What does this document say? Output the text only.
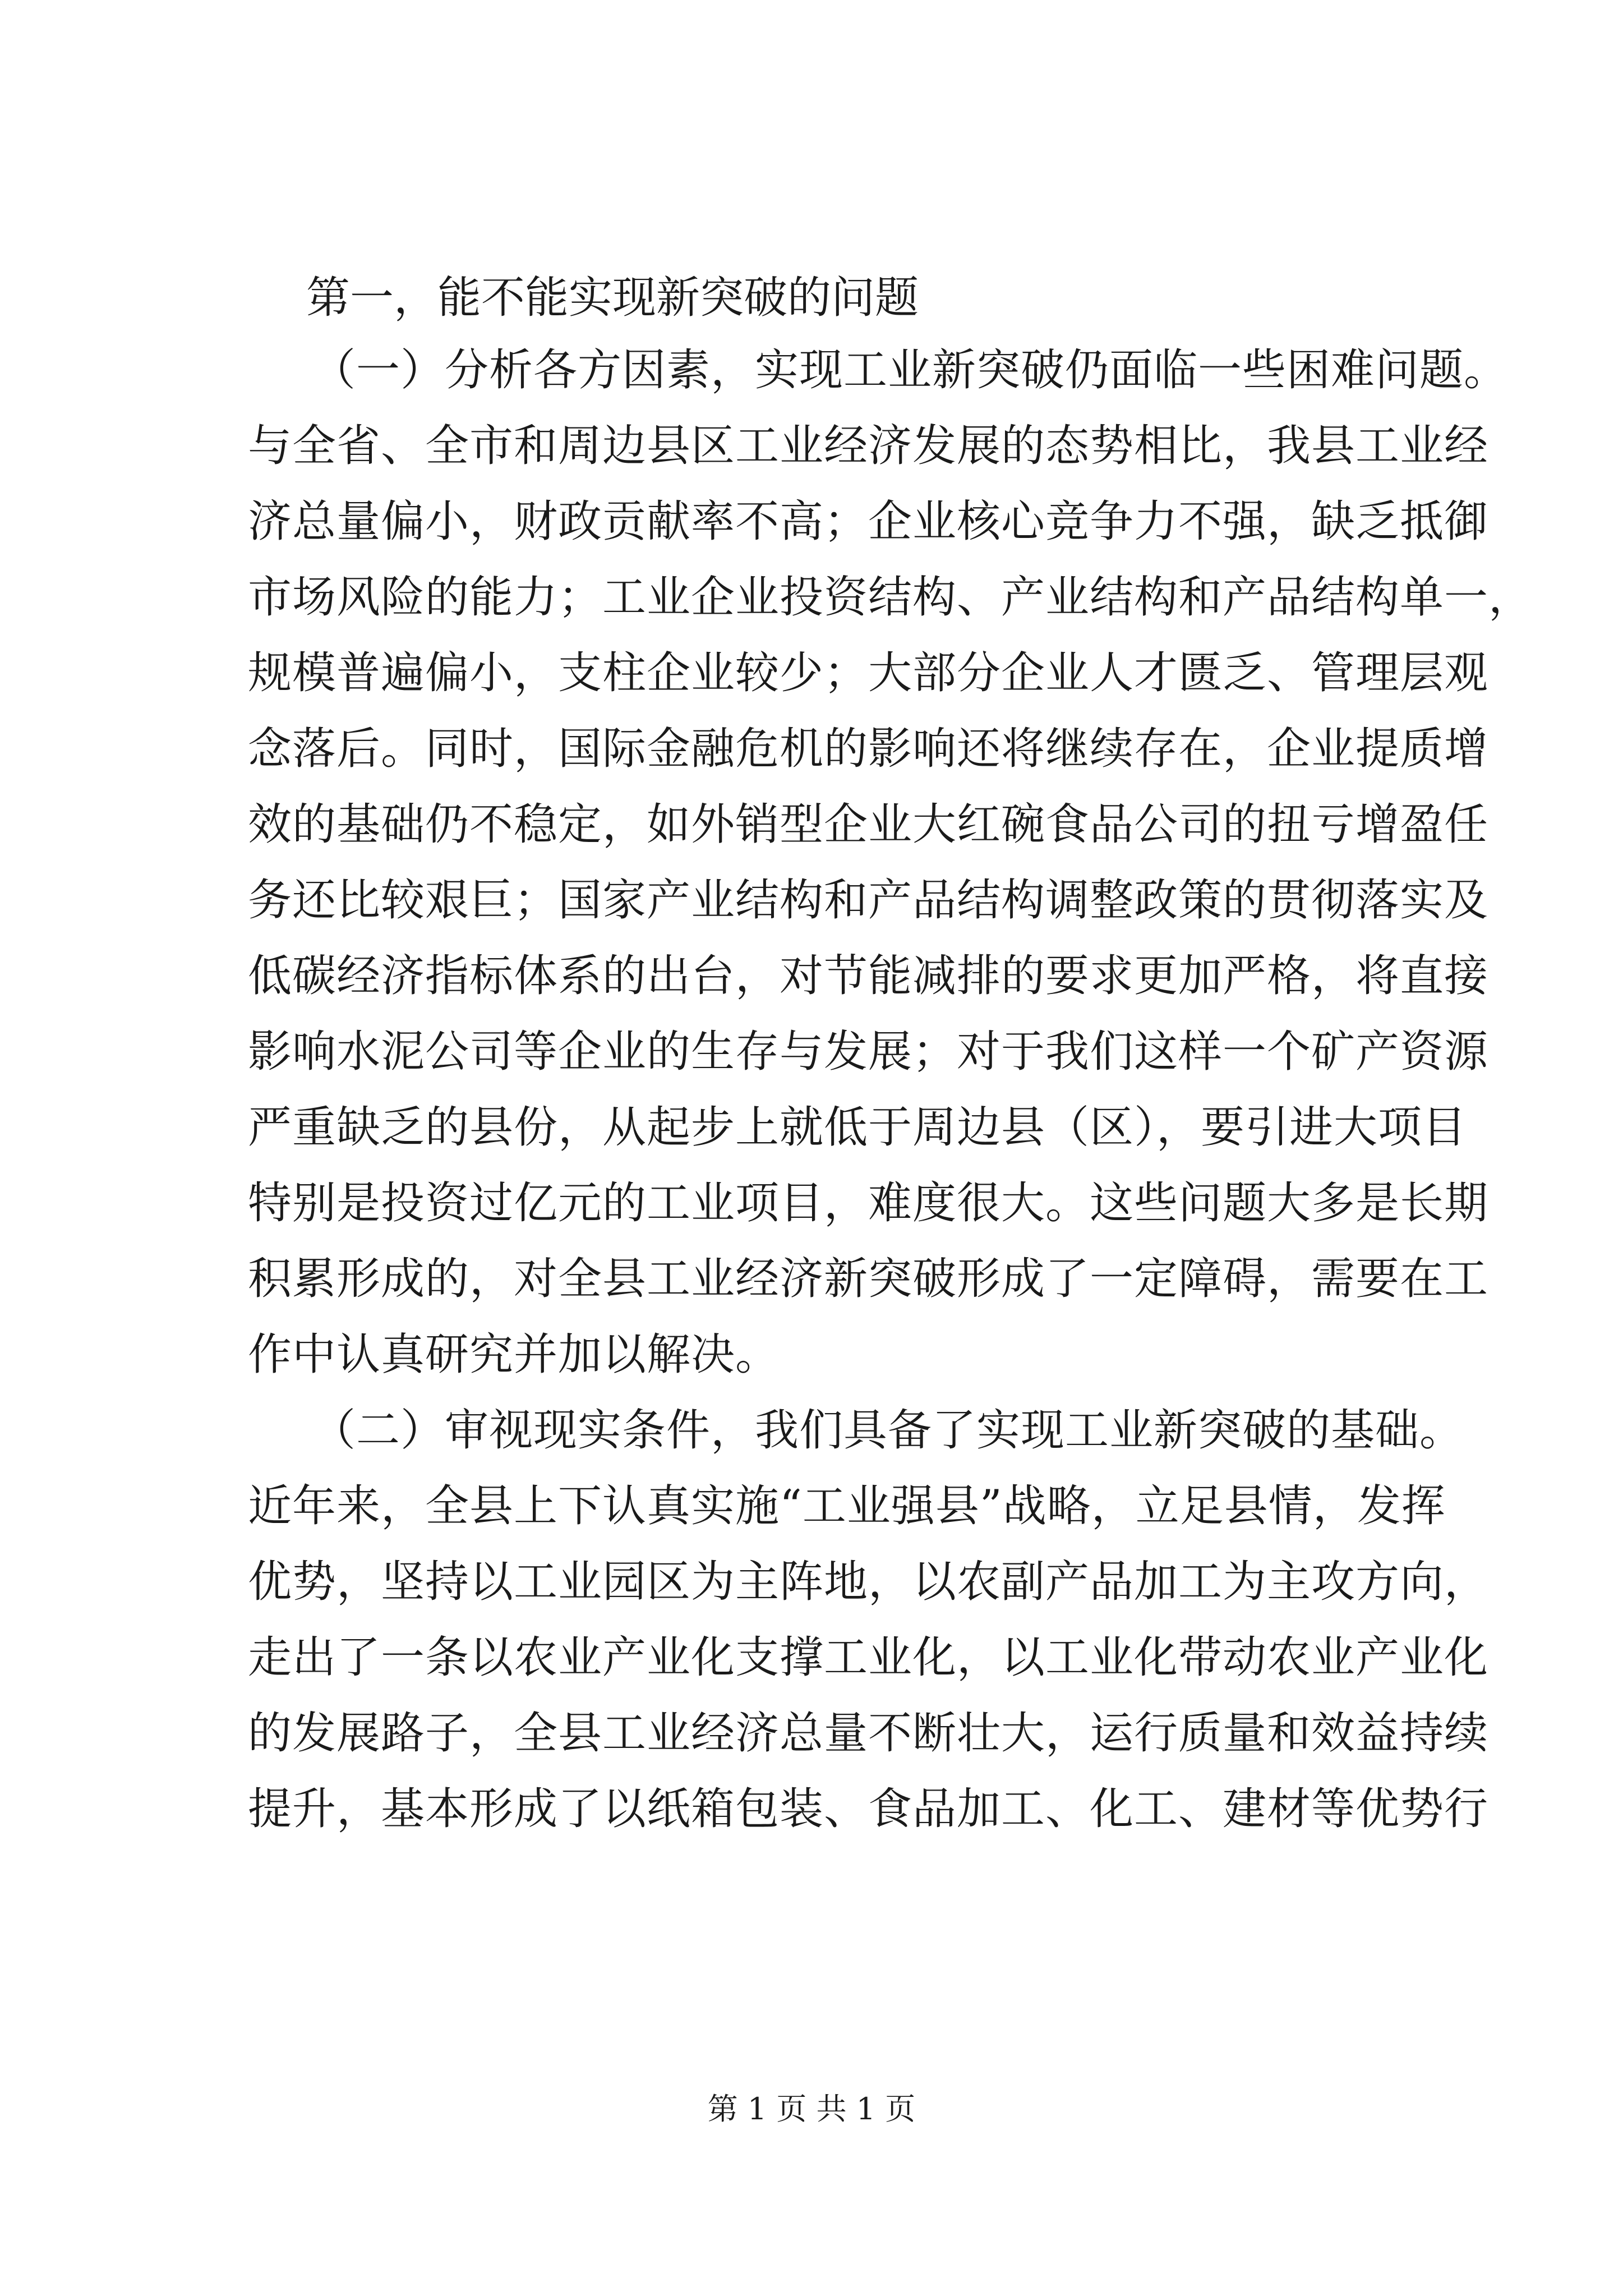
第一，能不能实现新突破的问题
（一）分析各方因素，实现工业新突破仍面临一些困难问题。
与全省、全市和周边县区工业经济发展的态势相比，我县工业经
济总量偏小，财政贡献率不高；企业核心竞争力不强，缺乏抵御
市场风险的能力；工业企业投资结构、产业结构和产品结构单一，
规模普遍偏小，支柱企业较少；大部分企业人才匮乏、管理层观
念落后。同时，国际金融危机的影响还将继续存在，企业提质增
效的基础仍不稳定，如外销型企业大红碗食品公司的扭亏增盈任
务还比较艰巨；国家产业结构和产品结构调整政策的贯彻落实及
低碳经济指标体系的出台，对节能减排的要求更加严格，将直接
影响水泥公司等企业的生存与发展；对于我们这样一个矿产资源
严重缺乏的县份，从起步上就低于周边县（区），要引进大项目
特别是投资过亿元的工业项目，难度很大。这些问题大多是长期
积累形成的，对全县工业经济新突破形成了一定障碍，需要在工
作中认真研究并加以解决。
（二）审视现实条件，我们具备了实现工业新突破的基础。
近年来，全县上下认真实施“工业强县”战略，立足县情，发挥
优势，坚持以工业园区为主阵地，以农副产品加工为主攻方向，
走出了一条以农业产业化支撑工业化，以工业化带动农业产业化
的发展路子，全县工业经济总量不断壮大，运行质量和效益持续
提升，基本形成了以纸箱包装、食品加工、化工、建材等优势行
第 1 页 共 1 页
